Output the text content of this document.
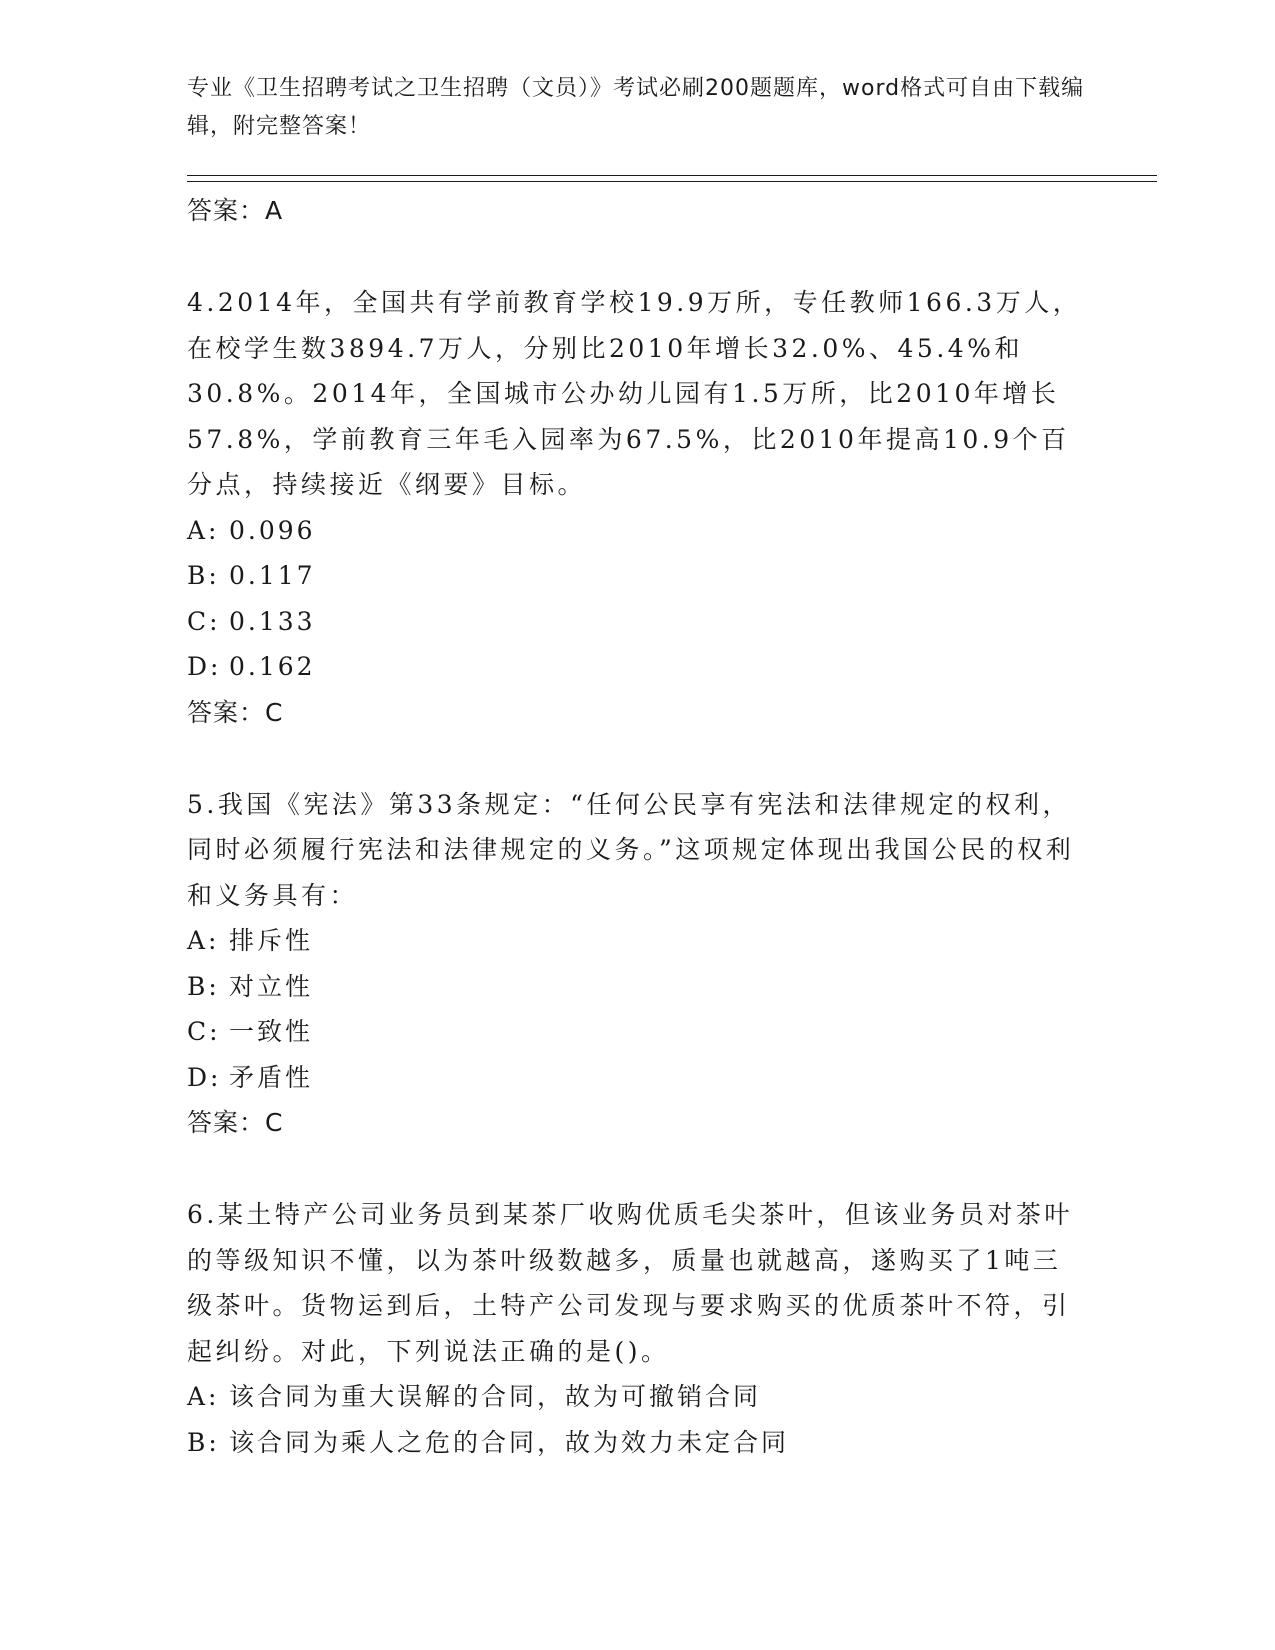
专业《卫生招聘考试之卫生招聘（文员）》考试必刷200题题库，word格式可自由下载编辑，附完整答案！

答案：A

4.2014年，全国共有学前教育学校19.9万所，专任教师166.3万人，在校学生数3894.7万人，分别比2010年增长32.0%、45.4%和30.8%。2014年，全国城市公办幼儿园有1.5万所，比2010年增长57.8%，学前教育三年毛入园率为67.5%，比2010年提高10.9个百分点，持续接近《纲要》目标。

A: 0.096

B: 0.117

C: 0.133

D: 0.162

答案：C

5.我国《宪法》第33条规定：“任何公民享有宪法和法律规定的权利，同时必须履行宪法和法律规定的义务。”这项规定体现出我国公民的权利和义务具有：

A: 排斥性

B: 对立性

C: 一致性

D: 矛盾性

答案：C

6.某土特产公司业务员到某茶厂收购优质毛尖茶叶，但该业务员对茶叶的等级知识不懂，以为茶叶级数越多，质量也就越高，遂购买了1吨三级茶叶。货物运到后，土特产公司发现与要求购买的优质茶叶不符，引起纠纷。对此，下列说法正确的是()。

A: 该合同为重大误解的合同，故为可撤销合同

B: 该合同为乘人之危的合同，故为效力未定合同
